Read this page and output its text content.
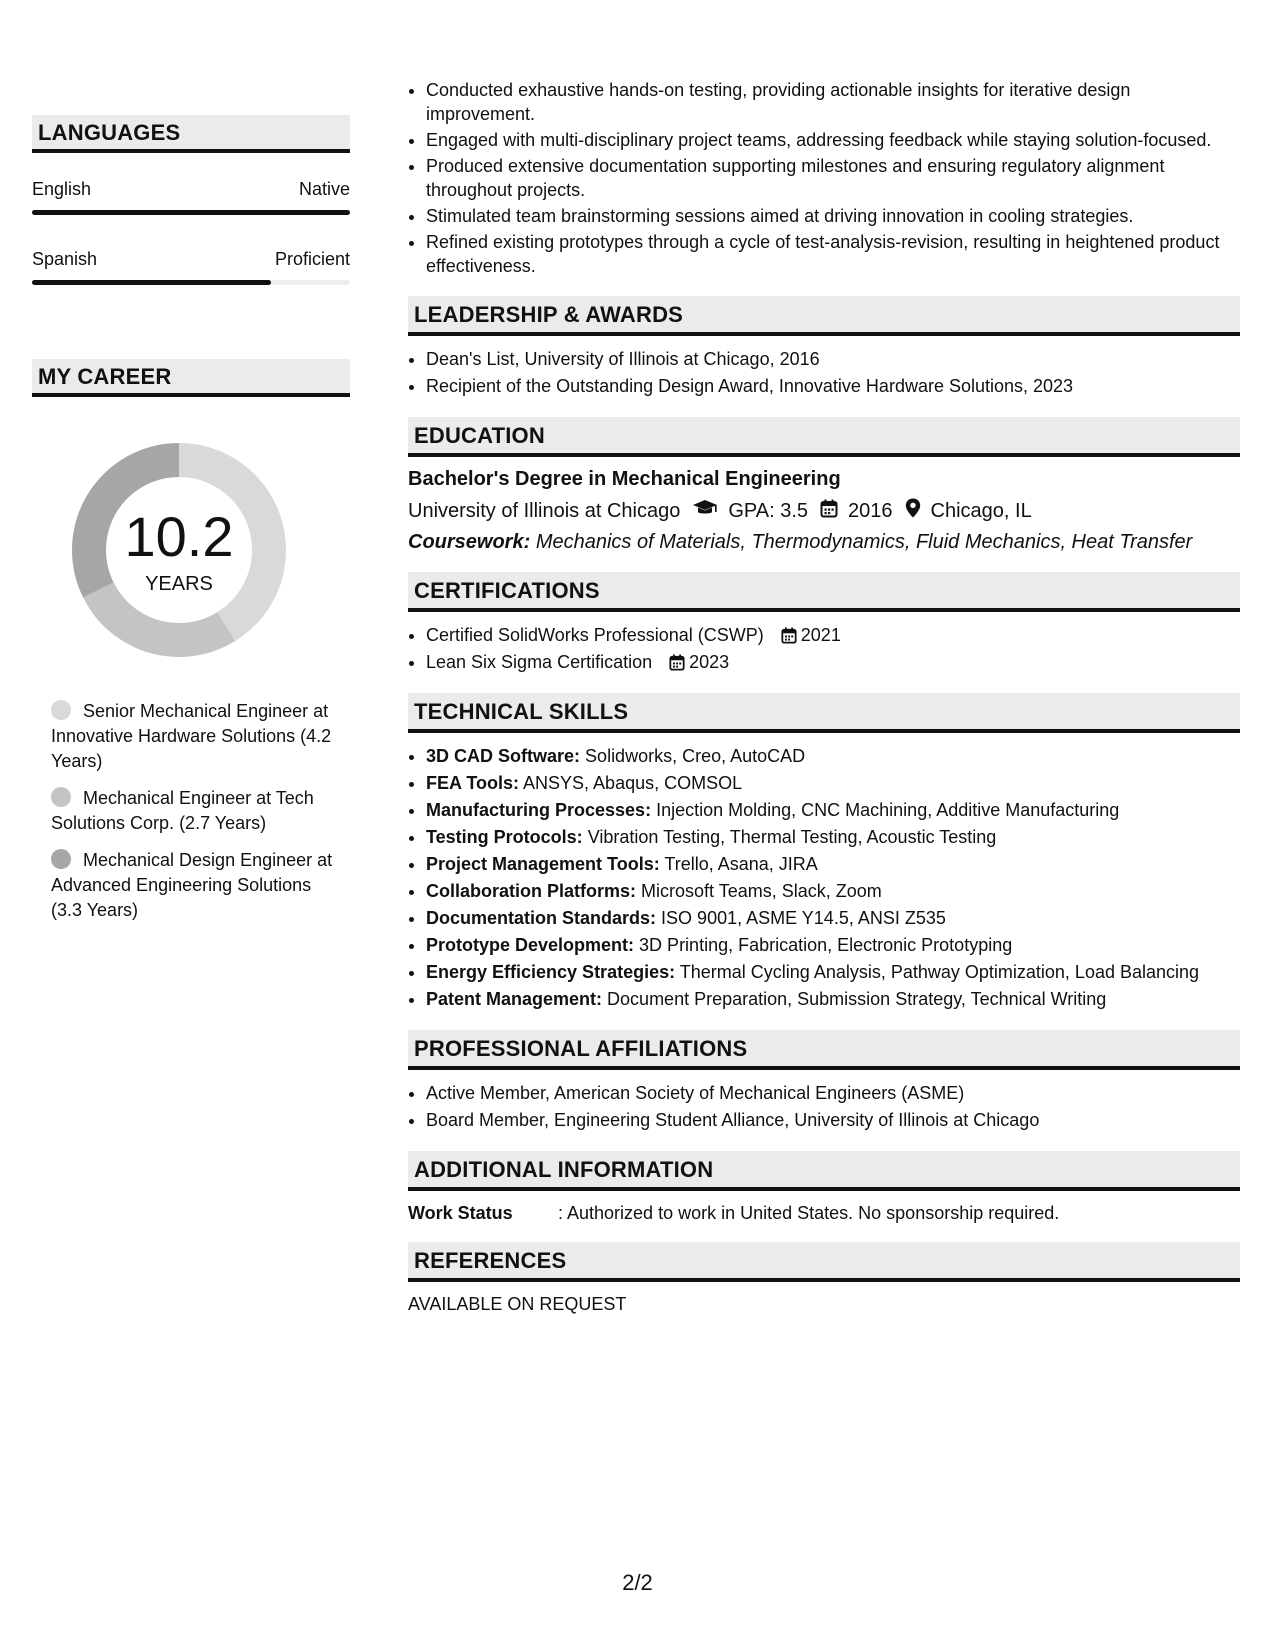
LANGUAGES
English	Native
Spanish	Proficient
MY CAREER
10.2
YEARS
Senior Mechanical Engineer at Innovative Hardware Solutions (4.2 Years)
Mechanical Engineer at Tech Solutions Corp. (2.7 Years)
Mechanical Design Engineer at Advanced Engineering Solutions (3.3 Years)
• Conducted exhaustive hands-on testing, providing actionable insights for iterative design improvement.
• Engaged with multi-disciplinary project teams, addressing feedback while staying solution-focused.
• Produced extensive documentation supporting milestones and ensuring regulatory alignment throughout projects.
• Stimulated team brainstorming sessions aimed at driving innovation in cooling strategies.
• Refined existing prototypes through a cycle of test-analysis-revision, resulting in heightened product effectiveness.
LEADERSHIP & AWARDS
• Dean's List, University of Illinois at Chicago, 2016
• Recipient of the Outstanding Design Award, Innovative Hardware Solutions, 2023
EDUCATION
Bachelor's Degree in Mechanical Engineering
University of Illinois at Chicago GPA: 3.5 2016 Chicago, IL
Coursework: Mechanics of Materials, Thermodynamics, Fluid Mechanics, Heat Transfer
CERTIFICATIONS
• Certified SolidWorks Professional (CSWP) 2021
• Lean Six Sigma Certification 2023
TECHNICAL SKILLS
• 3D CAD Software: Solidworks, Creo, AutoCAD
• FEA Tools: ANSYS, Abaqus, COMSOL
• Manufacturing Processes: Injection Molding, CNC Machining, Additive Manufacturing
• Testing Protocols: Vibration Testing, Thermal Testing, Acoustic Testing
• Project Management Tools: Trello, Asana, JIRA
• Collaboration Platforms: Microsoft Teams, Slack, Zoom
• Documentation Standards: ISO 9001, ASME Y14.5, ANSI Z535
• Prototype Development: 3D Printing, Fabrication, Electronic Prototyping
• Energy Efficiency Strategies: Thermal Cycling Analysis, Pathway Optimization, Load Balancing
• Patent Management: Document Preparation, Submission Strategy, Technical Writing
PROFESSIONAL AFFILIATIONS
• Active Member, American Society of Mechanical Engineers (ASME)
• Board Member, Engineering Student Alliance, University of Illinois at Chicago
ADDITIONAL INFORMATION
Work Status	: Authorized to work in United States. No sponsorship required.
REFERENCES
AVAILABLE ON REQUEST
2/2
